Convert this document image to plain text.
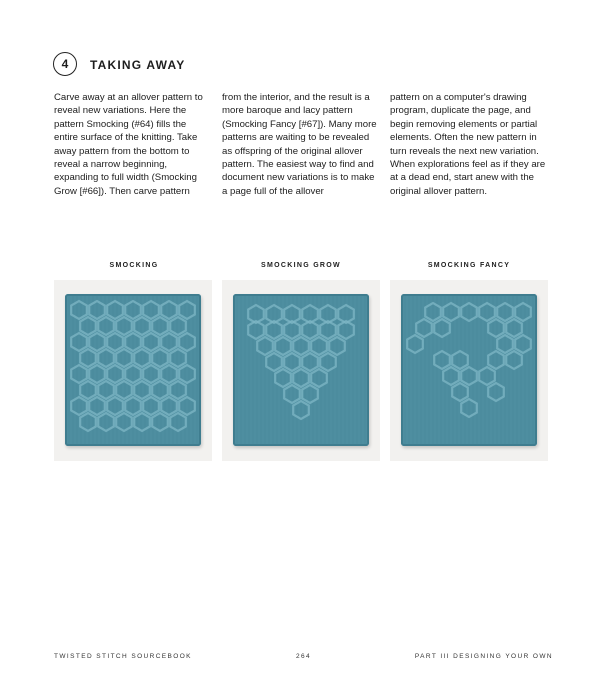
4	TAKING AWAY
Carve away at an allover pattern to reveal new variations. Here the pattern Smocking (#64) fills the entire surface of the knitting. Take away pattern from the bottom to reveal a narrow beginning, expanding to full width (Smocking Grow [#66]). Then carve pattern
from the interior, and the result is a more baroque and lacy pattern (Smocking Fancy [#67]). Many more patterns are waiting to be revealed as offspring of the original allover pattern. The easiest way to find and document new variations is to make a page full of the allover
pattern on a computer's drawing program, duplicate the page, and begin removing elements or partial elements. Often the new pattern in turn reveals the next new variation. When explorations feel as if they are at a dead end, start anew with the original allover pattern.
SMOCKING	SMOCKING GROW	SMOCKING FANCY
TWISTED STITCH SOURCEBOOK	264	PART III DESIGNING YOUR OWN
